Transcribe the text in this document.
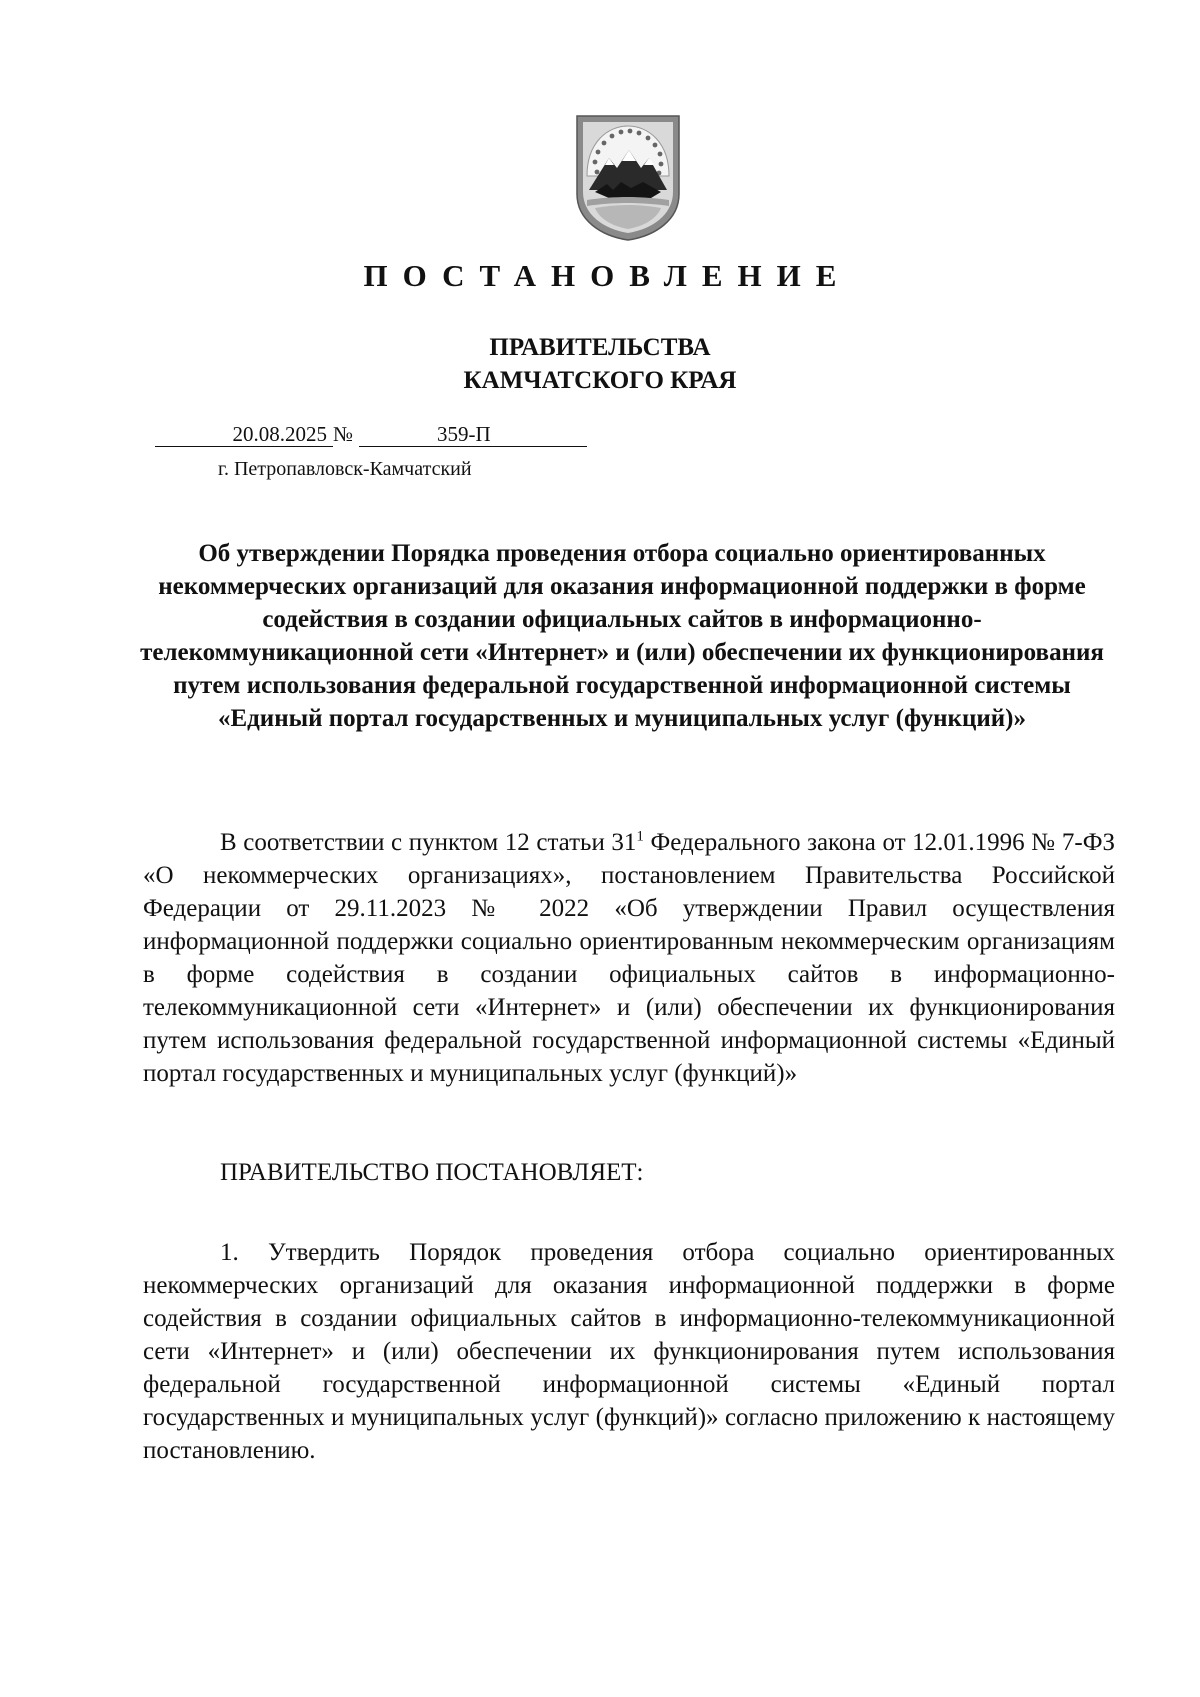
ПОСТАНОВЛЕНИЕ
ПРАВИТЕЛЬСТВА
КАМЧАТСКОГО КРАЯ
20.08.2025 №	359-П
г. Петропавловск-Камчатский
Об утверждении Порядка проведения отбора социально ориентированных некоммерческих организаций для оказания информационной поддержки в форме содействия в создании официальных сайтов в информационно-телекоммуникационной сети «Интернет» и (или) обеспечении их функционирования путем использования федеральной государственной информационной системы «Единый портал государственных и муниципальных услуг (функций)»
В соответствии с пунктом 12 статьи $31^1$ Федерального закона от 12.01.1996 № 7-ФЗ «О некоммерческих организациях», постановлением Правительства Российской Федерации от 29.11.2023 № 2022 «Об утверждении Правил осуществления информационной поддержки социально ориентированным некоммерческим организациям в форме содействия в создании официальных сайтов в информационно-телекоммуникационной сети «Интернет» и (или) обеспечении их функционирования путем использования федеральной государственной информационной системы «Единый портал государственных и муниципальных услуг (функций)»
ПРАВИТЕЛЬСТВО ПОСТАНОВЛЯЕТ:
1. Утвердить Порядок проведения отбора социально ориентированных некоммерческих организаций для оказания информационной поддержки в форме содействия в создании официальных сайтов в информационно-телекоммуникационной сети «Интернет» и (или) обеспечении их функционирования путем использования федеральной государственной информационной системы «Единый портал государственных и муниципальных услуг (функций)» согласно приложению к настоящему постановлению.
